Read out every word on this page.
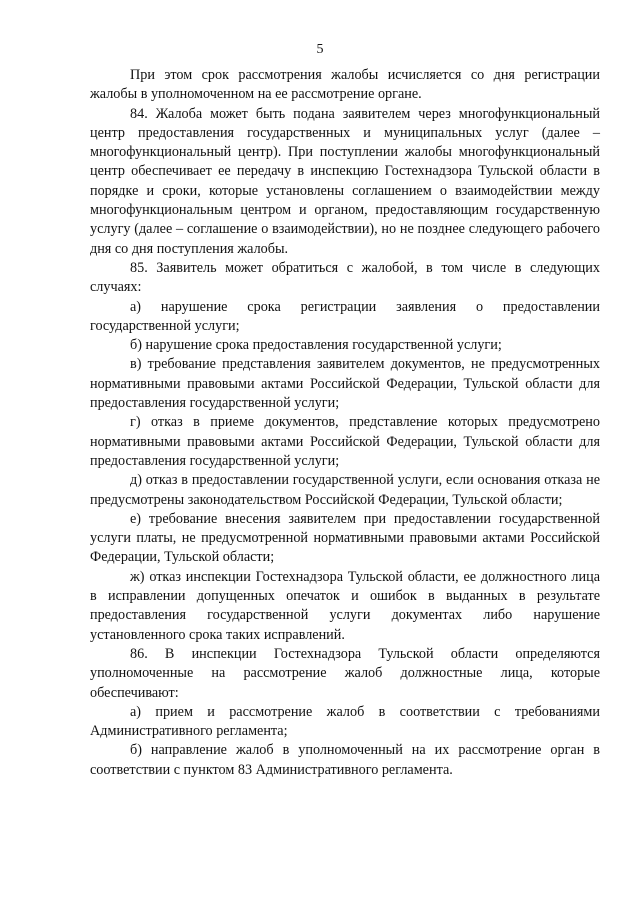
5

При этом срок рассмотрения жалобы исчисляется со дня регистрации жалобы в уполномоченном на ее рассмотрение органе.

84. Жалоба может быть подана заявителем через многофункциональный центр предоставления государственных и муниципальных услуг (далее – многофункциональный центр). При поступлении жалобы многофункциональный центр обеспечивает ее передачу в инспекцию Гостехнадзора Тульской области в порядке и сроки, которые установлены соглашением о взаимодействии между многофункциональным центром и органом, предоставляющим государственную услугу (далее – соглашение о взаимодействии), но не позднее следующего рабочего дня со дня поступления жалобы.

85. Заявитель может обратиться с жалобой, в том числе в следующих случаях:

а) нарушение срока регистрации заявления о предоставлении государственной услуги;

б) нарушение срока предоставления государственной услуги;

в) требование представления заявителем документов, не предусмотренных нормативными правовыми актами Российской Федерации, Тульской области для предоставления государственной услуги;

г) отказ в приеме документов, представление которых предусмотрено нормативными правовыми актами Российской Федерации, Тульской области для предоставления государственной услуги;

д) отказ в предоставлении государственной услуги, если основания отказа не предусмотрены законодательством Российской Федерации, Тульской области;

е) требование внесения заявителем при предоставлении государственной услуги платы, не предусмотренной нормативными правовыми актами Российской Федерации, Тульской области;

ж) отказ инспекции Гостехнадзора Тульской области, ее должностного лица в исправлении допущенных опечаток и ошибок в выданных в результате предоставления государственной услуги документах либо нарушение установленного срока таких исправлений.

86. В инспекции Гостехнадзора Тульской области определяются уполномоченные на рассмотрение жалоб должностные лица, которые обеспечивают:

а) прием и рассмотрение жалоб в соответствии с требованиями Административного регламента;

б) направление жалоб в уполномоченный на их рассмотрение орган в соответствии с пунктом 83 Административного регламента.
